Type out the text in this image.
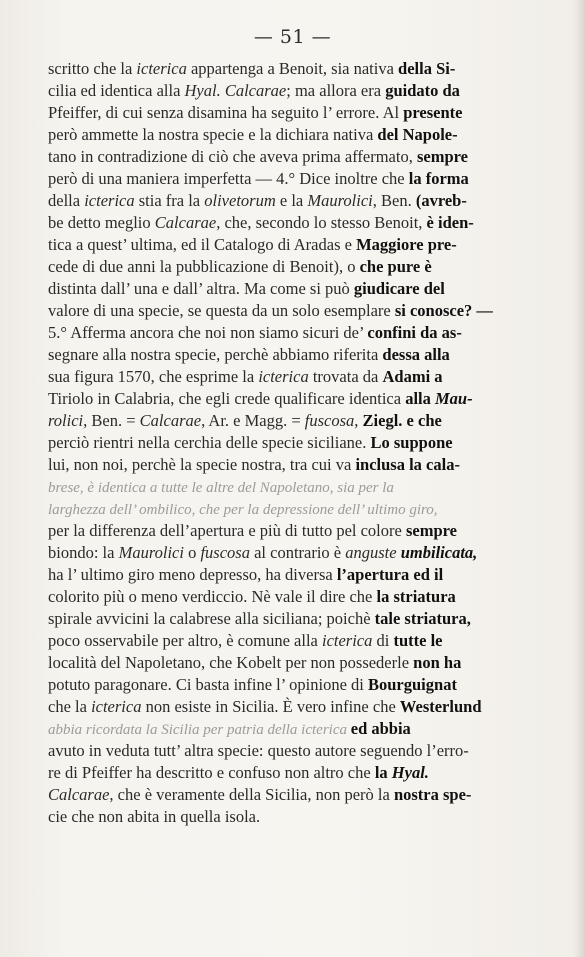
— 51 —
scritto che la icterica appartenga a Benoit, sia nativa della Si-
cilia ed identica alla Hyal. Calcarae; ma allora era guidato da
Pfeiffer, di cui senza disamina ha seguito l’ errore. Al presente
però ammette la nostra specie e la dichiara nativa del Napole-
tano in contradizione di ciò che aveva prima affermato, sempre
però di una maniera imperfetta — 4.° Dice inoltre che la forma
della icterica stia fra la olivetorum e la Maurolici, Ben. (avreb-
be detto meglio Calcarae, che, secondo lo stesso Benoit, è iden-
tica a quest’ ultima, ed il Catalogo di Aradas e Maggiore pre-
cede di due anni la pubblicazione di Benoit), o che pure è
distinta dall’ una e dall’ altra. Ma come si può giudicare del
valore di una specie, se questa da un solo esemplare si conosce? —
5.° Afferma ancora che noi non siamo sicuri de’ confini da as-
segnare alla nostra specie, perchè abbiamo riferita dessa alla
sua figura 1570, che esprime la icterica trovata da Adami a
Tiriolo in Calabria, che egli crede qualificare identica alla Mau-
rolici, Ben. = Calcarae, Ar. e Magg. = fuscosa, Ziegl. e che
perciò rientri nella cerchia delle specie siciliane. Lo suppone
lui, non noi, perchè la specie nostra, tra cui va inclusa la cala-
brese, è identica a tutte le altre del Napoletano, sia per la
larghezza dell’ ombilico, che per la depressione dell’ ultimo giro,
per la differenza dell’apertura e più di tutto pel colore sempre
biondo: la Maurolici o fuscosa al contrario è anguste umbilicata,
ha l’ ultimo giro meno depresso, ha diversa l’apertura ed il
colorito più o meno verdiccio. Nè vale il dire che la striatura
spirale avvicini la calabrese alla siciliana; poichè tale striatura,
poco osservabile per altro, è comune alla icterica di tutte le
località del Napoletano, che Kobelt per non possederle non ha
potuto paragonare. Ci basta infine l’ opinione di Bourguignat
che la icterica non esiste in Sicilia. È vero infine che Westerlund
abbia ricordata la Sicilia per patria della icterica ed abbia
avuto in veduta tutt’ altra specie: questo autore seguendo l’erro-
re di Pfeiffer ha descritto e confuso non altro che la Hyal.
Calcarae, che è veramente della Sicilia, non però la nostra spe-
cie che non abita in quella isola.
